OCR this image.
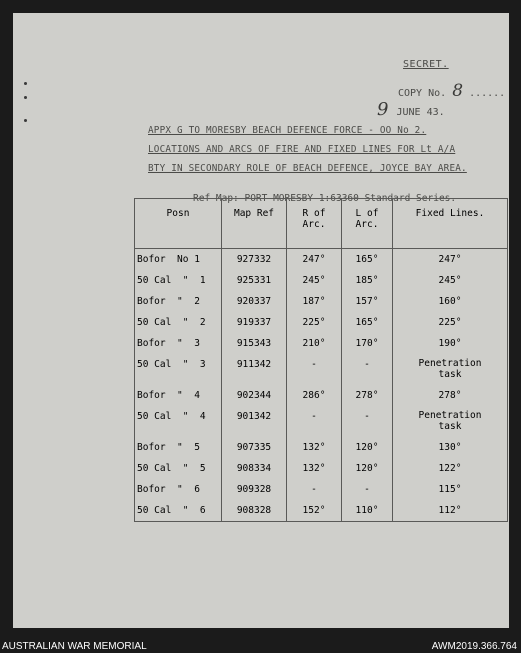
SECRET.
COPY No. 8 ......
9 JUNE 43.
APPX G TO MORESBY BEACH DEFENCE FORCE - OO No 2.
LOCATIONS AND ARCS OF FIRE AND FIXED LINES FOR Lt A/A
BTY IN SECONDARY ROLE OF BEACH DEFENCE, JOYCE BAY AREA.
Ref Map: PORT MORESBY 1:63360 Standard Series.
Posn	Map Ref	R of
Arc.	L of
Arc.	Fixed Lines.
Bofor  No 1	927332	247°	165°	247°
50 Cal  "  1	925331	245°	185°	245°
Bofor  "  2	920337	187°	157°	160°
50 Cal  "  2	919337	225°	165°	225°
Bofor  "  3	915343	210°	170°	190°
50 Cal  "  3	911342	-	-	Penetration
task
Bofor  "  4	902344	286°	278°	278°
50 Cal  "  4	901342	-	-	Penetration
task
Bofor  "  5	907335	132°	120°	130°
50 Cal  "  5	908334	132°	120°	122°
Bofor  "  6	909328	-	-	115°
50 Cal  "  6	908328	152°	110°	112°
AUSTRALIAN WAR MEMORIAL	AWM2019.366.764
